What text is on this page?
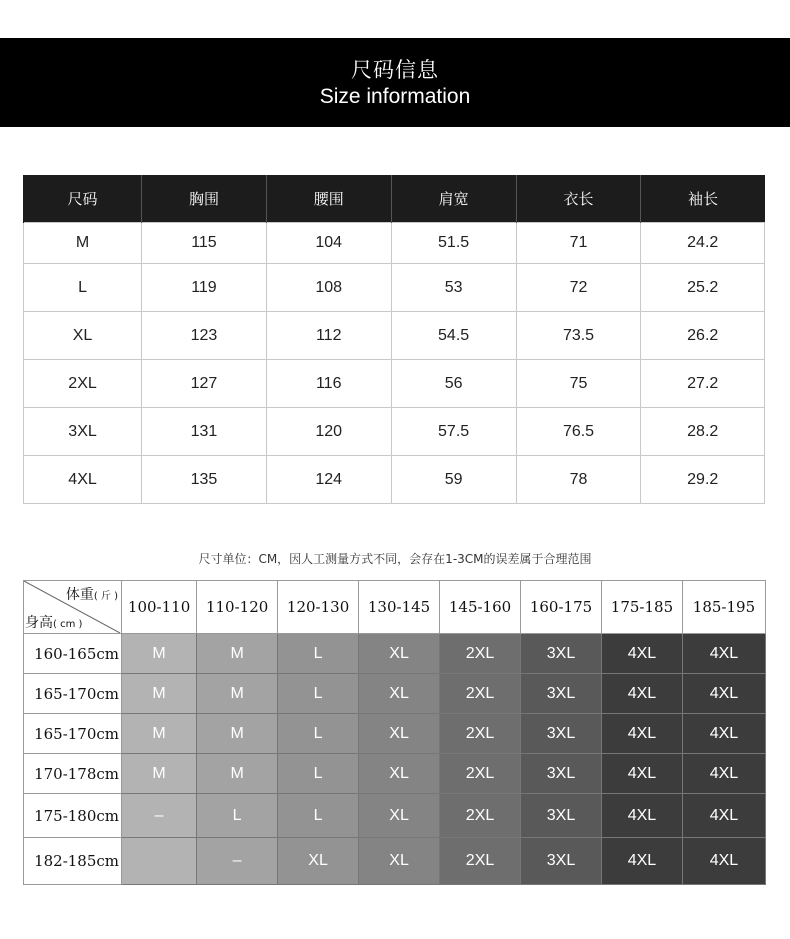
尺码信息
Size information
尺码	胸围	腰围	肩宽	衣长	袖长
M	115	104	51.5	71	24.2
L	119	108	53	72	25.2
XL	123	112	54.5	73.5	26.2
2XL	127	116	56	75	27.2
3XL	131	120	57.5	76.5	28.2
4XL	135	124	59	78	29.2
尺寸单位：CM，因人工测量方式不同，会存在1-3CM的误差属于合理范围
体重( 斤 )
身高( cm )	100-110	110-120	120-130	130-145	145-160	160-175	175-185	185-195
160-165cm	M	M	L	XL	2XL	3XL	4XL	4XL
165-170cm	M	M	L	XL	2XL	3XL	4XL	4XL
165-170cm	M	M	L	XL	2XL	3XL	4XL	4XL
170-178cm	M	M	L	XL	2XL	3XL	4XL	4XL
175-180cm	–	L	L	XL	2XL	3XL	4XL	4XL
182-185cm		–	XL	XL	2XL	3XL	4XL	4XL
